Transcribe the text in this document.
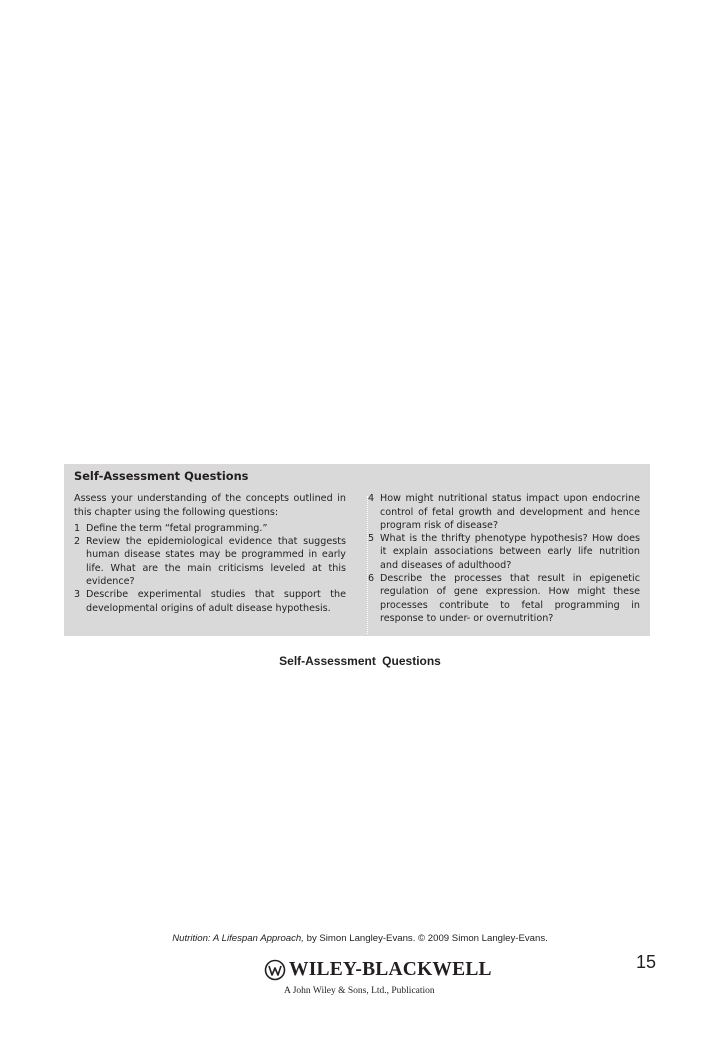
Self-Assessment Questions

Assess your understanding of the concepts outlined in this chapter using the following questions:

1 Define the term “fetal programming.”
2 Review the epidemiological evidence that suggests human disease states may be programmed in early life. What are the main criticisms leveled at this evidence?
3 Describe experimental studies that support the developmental origins of adult disease hypothesis.
4 How might nutritional status impact upon endocrine control of fetal growth and development and hence program risk of disease?
5 What is the thrifty phenotype hypothesis? How does it explain associations between early life nutrition and diseases of adulthood?
6 Describe the processes that result in epigenetic regulation of gene expression. How might these processes contribute to fetal programming in response to under- or overnutrition?
Self-Assessment Questions
Nutrition: A Lifespan Approach, by Simon Langley-Evans. © 2009 Simon Langley-Evans.
15
WILEY-BLACKWELL
A John Wiley & Sons, Ltd., Publication
